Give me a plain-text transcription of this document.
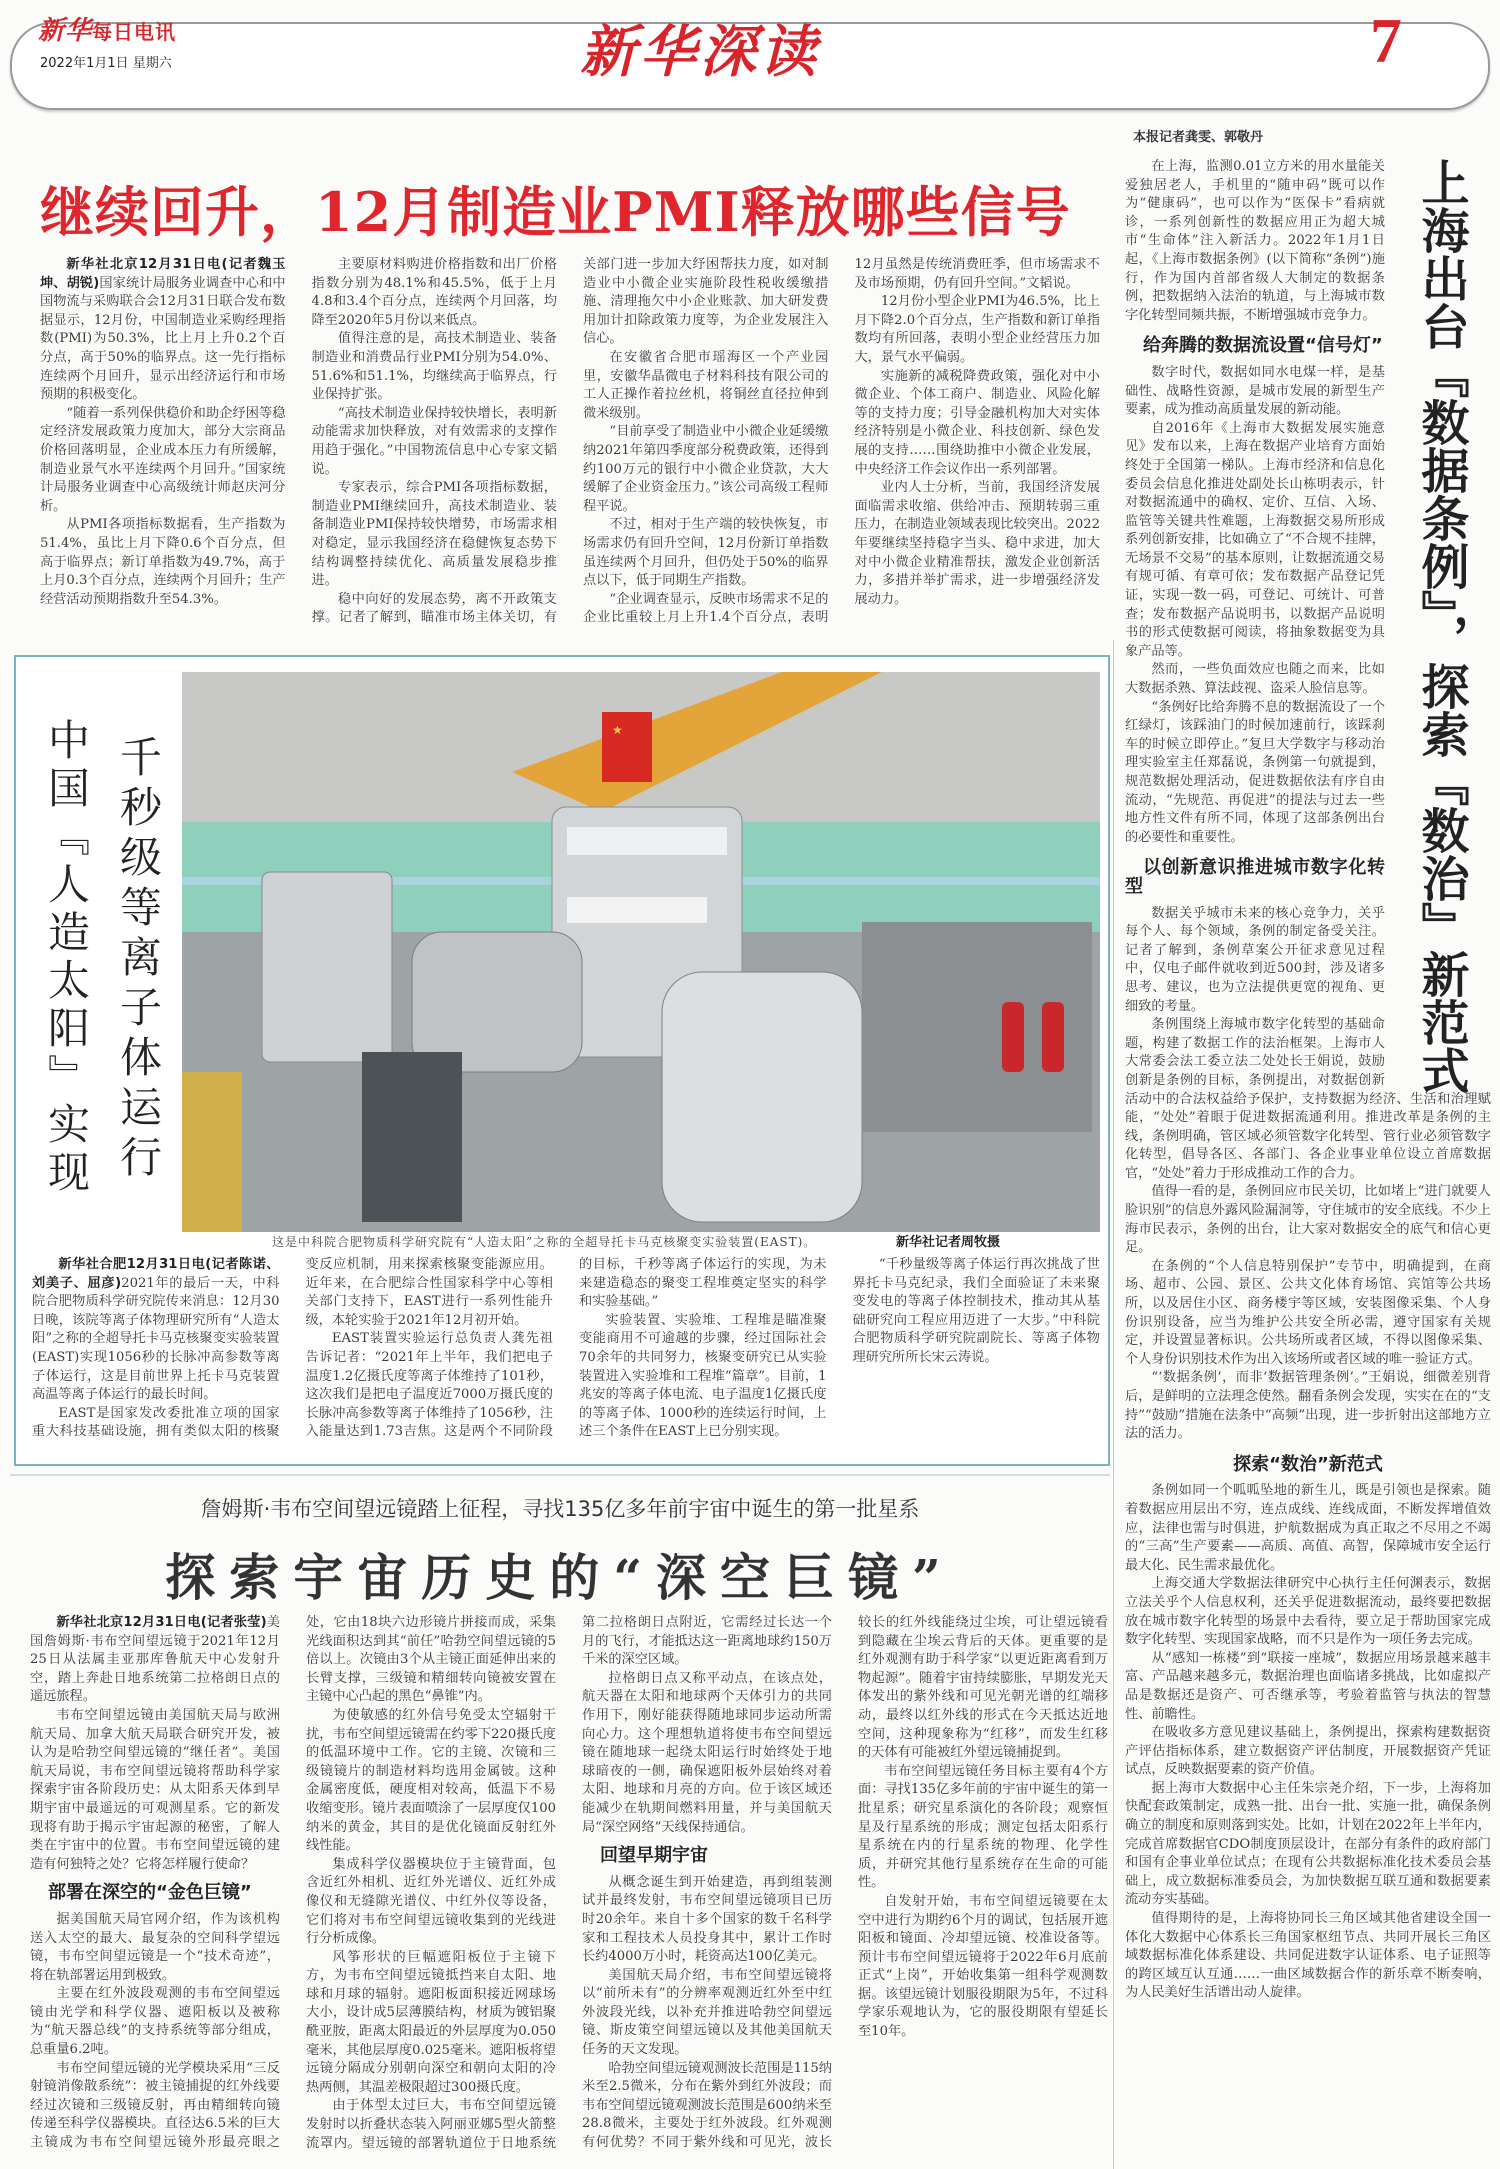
新华每日电讯
2022年1月1日 星期六	新华深读	7
继续回升，12月制造业PMI释放哪些信号

新华社北京12月31日电(记者魏玉坤、胡锐)国家统计局服务业调查中心和中国物流与采购联合会12月31日联合发布数据显示，12月份，中国制造业采购经理指数(PMI)为50.3%，比上月上升0.2个百分点，高于50%的临界点。这一先行指标连续两个月回升，显示出经济运行和市场预期的积极变化。

“随着一系列保供稳价和助企纾困等稳定经济发展政策力度加大，部分大宗商品价格回落明显，企业成本压力有所缓解，制造业景气水平连续两个月回升。”国家统计局服务业调查中心高级统计师赵庆河分析。

从PMI各项指标数据看，生产指数为51.4%，虽比上月下降0.6个百分点，但高于临界点；新订单指数为49.7%，高于上月0.3个百分点，连续两个月回升；生产经营活动预期指数升至54.3%。

主要原材料购进价格指数和出厂价格指数分别为48.1%和45.5%，低于上月4.8和3.4个百分点，连续两个月回落，均降至2020年5月份以来低点。

值得注意的是，高技术制造业、装备制造业和消费品行业PMI分别为54.0%、51.6%和51.1%，均继续高于临界点，行业保持扩张。

“高技术制造业保持较快增长，表明新动能需求加快释放，对有效需求的支撑作用趋于强化。”中国物流信息中心专家文韬说。

专家表示，综合PMI各项指标数据，制造业PMI继续回升，高技术制造业、装备制造业PMI保持较快增势，市场需求相对稳定，显示我国经济在稳健恢复态势下结构调整持续优化、高质量发展稳步推进。

稳中向好的发展态势，离不开政策支撑。记者了解到，瞄准市场主体关切，有关部门进一步加大纾困帮扶力度，如对制造业中小微企业实施阶段性税收缓缴措施、清理拖欠中小企业账款、加大研发费用加计扣除政策力度等，为企业发展注入信心。

在安徽省合肥市瑶海区一个产业园里，安徽华晶微电子材料科技有限公司的工人正操作着拉丝机，将铜丝直径拉伸到微米级别。

“目前享受了制造业中小微企业延缓缴纳2021年第四季度部分税费政策，还得到约100万元的银行中小微企业贷款，大大缓解了企业资金压力。”该公司高级工程师程平说。

不过，相对于生产端的较快恢复，市场需求仍有回升空间，12月份新订单指数虽连续两个月回升，但仍处于50%的临界点以下，低于同期生产指数。

“企业调查显示，反映市场需求不足的企业比重较上月上升1.4个百分点，表明12月虽然是传统消费旺季，但市场需求不及市场预期，仍有回升空间。”文韬说。

12月份小型企业PMI为46.5%，比上月下降2.0个百分点，生产指数和新订单指数均有所回落，表明小型企业经营压力加大，景气水平偏弱。

实施新的减税降费政策，强化对中小微企业、个体工商户、制造业、风险化解等的支持力度；引导金融机构加大对实体经济特别是小微企业、科技创新、绿色发展的支持……围绕助推中小微企业发展，中央经济工作会议作出一系列部署。

业内人士分析，当前，我国经济发展面临需求收缩、供给冲击、预期转弱三重压力，在制造业领域表现比较突出。2022年要继续坚持稳字当头、稳中求进，加大对中小微企业精准帮扶，激发企业创新活力，多措并举扩需求，进一步增强经济发展动力。

千秒级等离子体运行
中国『人造太阳』实现	★
这是中科院合肥物质科学研究院有“人造太阳”之称的全超导托卡马克核聚变实验装置(EAST)。	新华社记者周牧摄

新华社合肥12月31日电(记者陈诺、刘美子、屈彦)2021年的最后一天，中科院合肥物质科学研究院传来消息：12月30日晚，该院等离子体物理研究所有“人造太阳”之称的全超导托卡马克核聚变实验装置(EAST)实现1056秒的长脉冲高参数等离子体运行，这是目前世界上托卡马克装置高温等离子体运行的最长时间。

EAST是国家发改委批准立项的国家重大科技基础设施，拥有类似太阳的核聚变反应机制，用来探索核聚变能源应用。近年来，在合肥综合性国家科学中心等相关部门支持下，EAST进行一系列性能升级，本轮实验于2021年12月初开始。

EAST装置实验运行总负责人龚先祖告诉记者：“2021年上半年，我们把电子温度1.2亿摄氏度等离子体维持了101秒，这次我们是把电子温度近7000万摄氏度的长脉冲高参数等离子体维持了1056秒，注入能量达到1.73吉焦。这是两个不同阶段的目标，千秒等离子体运行的实现，为未来建造稳态的聚变工程堆奠定坚实的科学和实验基础。”

实验装置、实验堆、工程堆是瞄准聚变能商用不可逾越的步骤，经过国际社会70余年的共同努力，核聚变研究已从实验装置进入实验堆和工程堆“篇章”。目前，1兆安的等离子体电流、电子温度1亿摄氏度的等离子体、1000秒的连续运行时间，上述三个条件在EAST上已分别实现。

“千秒量级等离子体运行再次挑战了世界托卡马克纪录，我们全面验证了未来聚变发电的等离子体控制技术，推动其从基础研究向工程应用迈进了一大步。”中科院合肥物质科学研究院副院长、等离子体物理研究所所长宋云涛说。

詹姆斯·韦布空间望远镜踏上征程，寻找135亿多年前宇宙中诞生的第一批星系
探索宇宙历史的“深空巨镜”

新华社北京12月31日电(记者张莹)美国詹姆斯·韦布空间望远镜于2021年12月25日从法属圭亚那库鲁航天中心发射升空，踏上奔赴日地系统第二拉格朗日点的遥远旅程。

韦布空间望远镜由美国航天局与欧洲航天局、加拿大航天局联合研究开发，被认为是哈勃空间望远镜的“继任者”。美国航天局说，韦布空间望远镜将帮助科学家探索宇宙各阶段历史：从太阳系天体到早期宇宙中最遥远的可观测星系。它的新发现将有助于揭示宇宙起源的秘密，了解人类在宇宙中的位置。韦布空间望远镜的建造有何独特之处？它将怎样履行使命？

部署在深空的“金色巨镜”

据美国航天局官网介绍，作为该机构送入太空的最大、最复杂的空间科学望远镜，韦布空间望远镜是一个“技术奇迹”，将在轨部署运用到极致。

主要在红外波段观测的韦布空间望远镜由光学和科学仪器、遮阳板以及被称为“航天器总线”的支持系统等部分组成，总重量6.2吨。

韦布空间望远镜的光学模块采用“三反射镜消像散系统”：被主镜捕捉的红外线要经过次镜和三级镜反射，再由精细转向镜传递至科学仪器模块。直径达6.5米的巨大主镜成为韦布空间望远镜外形最亮眼之处，它由18块六边形镜片拼接而成，采集光线面积达到其“前任”哈勃空间望远镜的5倍以上。次镜由3个从主镜正面延伸出来的长臂支撑，三级镜和精细转向镜被安置在主镜中心凸起的黑色“鼻锥”内。

为使敏感的红外信号免受太空辐射干扰，韦布空间望远镜需在约零下220摄氏度的低温环境中工作。它的主镜、次镜和三级镜镜片的制造材料均选用金属铍。这种金属密度低，硬度相对较高，低温下不易收缩变形。镜片表面喷涂了一层厚度仅100纳米的黄金，其目的是优化镜面反射红外线性能。

集成科学仪器模块位于主镜背面，包含近红外相机、近红外光谱仪、近红外成像仪和无缝隙光谱仪、中红外仪等设备，它们将对韦布空间望远镜收集到的光线进行分析成像。

风筝形状的巨幅遮阳板位于主镜下方，为韦布空间望远镜抵挡来自太阳、地球和月球的辐射。遮阳板面积接近网球场大小，设计成5层薄膜结构，材质为镀铝聚酰亚胺，距离太阳最近的外层厚度为0.050毫米，其他层厚度0.025毫米。遮阳板将望远镜分隔成分别朝向深空和朝向太阳的冷热两侧，其温差极限超过300摄氏度。

由于体型太过巨大，韦布空间望远镜发射时以折叠状态装入阿丽亚娜5型火箭整流罩内。望远镜的部署轨道位于日地系统第二拉格朗日点附近，它需经过长达一个月的飞行，才能抵达这一距离地球约150万千米的深空区域。

拉格朗日点又称平动点，在该点处，航天器在太阳和地球两个天体引力的共同作用下，刚好能获得随地球同步运动所需向心力。这个理想轨道将使韦布空间望远镜在随地球一起绕太阳运行时始终处于地球暗夜的一侧，确保遮阳板外层始终对着太阳、地球和月亮的方向。位于该区域还能减少在轨期间燃料用量，并与美国航天局“深空网络”天线保持通信。

回望早期宇宙

从概念诞生到开始建造，再到组装测试并最终发射，韦布空间望远镜项目已历时20余年。来自十多个国家的数千名科学家和工程技术人员投身其中，累计工作时长约4000万小时，耗资高达100亿美元。

美国航天局介绍，韦布空间望远镜将以“前所未有”的分辨率观测近红外至中红外波段光线，以补充并推进哈勃空间望远镜、斯皮策空间望远镜以及其他美国航天任务的天文发现。

哈勃空间望远镜观测波长范围是115纳米至2.5微米，分布在紫外到红外波段；而韦布空间望远镜观测波长范围是600纳米至28.8微米，主要处于红外波段。红外观测有何优势？不同于紫外线和可见光，波长较长的红外线能绕过尘埃，可让望远镜看到隐藏在尘埃云背后的天体。更重要的是红外观测有助于科学家“以更近距离看到万物起源”。随着宇宙持续膨胀，早期发光天体发出的紫外线和可见光朝光谱的红端移动，最终以红外线的形式在今天抵达近地空间，这种现象称为“红移”，而发生红移的天体有可能被红外望远镜捕捉到。

韦布空间望远镜任务目标主要有4个方面：寻找135亿多年前的宇宙中诞生的第一批星系；研究星系演化的各阶段；观察恒星及行星系统的形成；测定包括太阳系行星系统在内的行星系统的物理、化学性质，并研究其他行星系统存在生命的可能性。

自发射开始，韦布空间望远镜要在太空中进行为期约6个月的调试，包括展开遮阳板和镜面、冷却望远镜、校准设备等。预计韦布空间望远镜将于2022年6月底前正式“上岗”，开始收集第一组科学观测数据。该望远镜计划服役期限为5年，不过科学家乐观地认为，它的服役期限有望延长至10年。

本报记者龚雯、郭敬丹
上海出台『数据条例』，探索『数治』新范式

在上海，监测0.01立方米的用水量能关爱独居老人，手机里的“随申码”既可以作为“健康码”，也可以作为“医保卡”看病就诊，一系列创新性的数据应用正为超大城市“生命体”注入新活力。2022年1月1日起，《上海市数据条例》(以下简称“条例”)施行，作为国内首部省级人大制定的数据条例，把数据纳入法治的轨道，与上海城市数字化转型同频共振，不断增强城市竞争力。

给奔腾的数据流设置“信号灯”

数字时代，数据如同水电煤一样，是基础性、战略性资源，是城市发展的新型生产要素，成为推动高质量发展的新动能。

自2016年《上海市大数据发展实施意见》发布以来，上海在数据产业培育方面始终处于全国第一梯队。上海市经济和信息化委员会信息化推进处副处长山栋明表示，针对数据流通中的确权、定价、互信、入场、监管等关键共性难题，上海数据交易所形成系列创新安排，比如确立了“不合规不挂牌，无场景不交易”的基本原则，让数据流通交易有规可循、有章可依；发布数据产品登记凭证，实现一数一码，可登记、可统计、可普查；发布数据产品说明书，以数据产品说明书的形式使数据可阅读，将抽象数据变为具象产品等。

然而，一些负面效应也随之而来，比如大数据杀熟、算法歧视、盗采人脸信息等。

“条例好比给奔腾不息的数据流设了一个红绿灯，该踩油门的时候加速前行，该踩刹车的时候立即停止。”复旦大学数字与移动治理实验室主任郑磊说，条例第一句就提到，规范数据处理活动，促进数据依法有序自由流动，“先规范、再促进”的提法与过去一些地方性文件有所不同，体现了这部条例出台的必要性和重要性。

以创新意识推进城市数字化转型

数据关乎城市未来的核心竞争力，关乎每个人、每个领域，条例的制定备受关注。记者了解到，条例草案公开征求意见过程中，仅电子邮件就收到近500封，涉及诸多思考、建议，也为立法提供更宽的视角、更细致的考量。

条例围绕上海城市数字化转型的基础命题，构建了数据工作的法治框架。上海市人大常委会法工委立法二处处长王娟说，鼓励创新是条例的目标，条例提出，对数据创新活动中的合法权益给予保护，支持数据为经济、生活和治理赋能，“处处”着眼于促进数据流通利用。推进改革是条例的主线，条例明确，管区域必须管数字化转型、管行业必须管数字化转型，倡导各区、各部门、各企业事业单位设立首席数据官，“处处”着力于形成推动工作的合力。

值得一看的是，条例回应市民关切，比如堵上“进门就要人脸识别”的信息外露风险漏洞等，守住城市的安全底线。不少上海市民表示，条例的出台，让大家对数据安全的底气和信心更足。

在条例的“个人信息特别保护”专节中，明确提到，在商场、超市、公园、景区、公共文化体育场馆、宾馆等公共场所，以及居住小区、商务楼宇等区域，安装图像采集、个人身份识别设备，应当为维护公共安全所必需，遵守国家有关规定，并设置显著标识。公共场所或者区域，不得以图像采集、个人身份识别技术作为出入该场所或者区域的唯一验证方式。

“‘数据条例’，而非‘数据管理条例’。”王娟说，细微差别背后，是鲜明的立法理念使然。翻看条例会发现，实实在在的“支持”“鼓励”措施在法条中“高频”出现，进一步折射出这部地方立法的活力。

探索“数治”新范式

条例如同一个呱呱坠地的新生儿，既是引领也是探索。随着数据应用层出不穷，连点成线、连线成面，不断发挥增值效应，法律也需与时俱进，护航数据成为真正取之不尽用之不竭的“三高”生产要素——高质、高值、高智，保障城市安全运行最大化、民生需求最优化。

上海交通大学数据法律研究中心执行主任何渊表示，数据立法关乎个人信息权利，还关乎促进数据流动，最终要把数据放在城市数字化转型的场景中去看待，要立足于帮助国家完成数字化转型、实现国家战略，而不只是作为一项任务去完成。

从“感知一栋楼”到“联接一座城”，数据应用场景越来越丰富、产品越来越多元，数据治理也面临诸多挑战，比如虚拟产品是数据还是资产、可否继承等，考验着监管与执法的智慧性、前瞻性。

在吸收多方意见建议基础上，条例提出，探索构建数据资产评估指标体系，建立数据资产评估制度，开展数据资产凭证试点，反映数据要素的资产价值。

据上海市大数据中心主任朱宗尧介绍，下一步，上海将加快配套政策制定，成熟一批、出台一批、实施一批，确保条例确立的制度和原则落到实处。比如，计划在2022年上半年内，完成首席数据官CDO制度顶层设计，在部分有条件的政府部门和国有企事业单位试点；在现有公共数据标准化技术委员会基础上，成立数据标准委员会，为加快数据互联互通和数据要素流动夯实基础。

值得期待的是，上海将协同长三角区域其他省建设全国一体化大数据中心体系长三角国家枢纽节点、共同开展长三角区域数据标准化体系建设、共同促进数字认证体系、电子证照等的跨区域互认互通……一曲区域数据合作的新乐章不断奏响，为人民美好生活谱出动人旋律。
